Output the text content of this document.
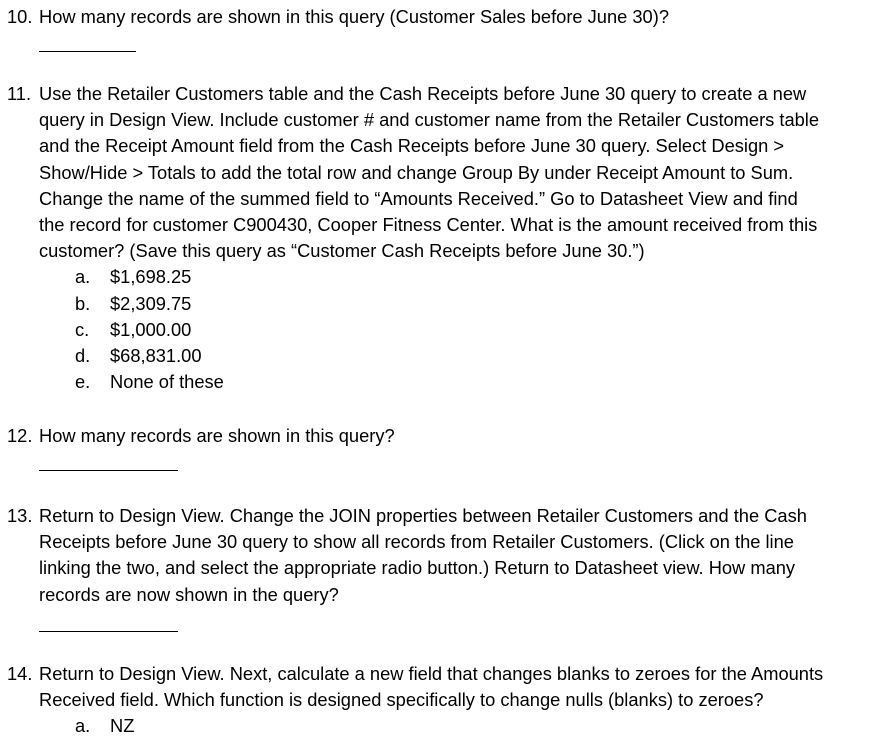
10. How many records are shown in this query (Customer Sales before June 30)?
11. Use the Retailer Customers table and the Cash Receipts before June 30 query to create a new
query in Design View. Include customer # and customer name from the Retailer Customers table
and the Receipt Amount field from the Cash Receipts before June 30 query. Select Design >
Show/Hide > Totals to add the total row and change Group By under Receipt Amount to Sum.
Change the name of the summed field to “Amounts Received.” Go to Datasheet View and find
the record for customer C900430, Cooper Fitness Center. What is the amount received from this
customer? (Save this query as “Customer Cash Receipts before June 30.”)
a.	$1,698.25
b.	$2,309.75
c.	$1,000.00
d.	$68,831.00
e.	None of these
12. How many records are shown in this query?
13. Return to Design View. Change the JOIN properties between Retailer Customers and the Cash
Receipts before June 30 query to show all records from Retailer Customers. (Click on the line
linking the two, and select the appropriate radio button.) Return to Datasheet view. How many
records are now shown in the query?
14. Return to Design View. Next, calculate a new field that changes blanks to zeroes for the Amounts
Received field. Which function is designed specifically to change nulls (blanks) to zeroes?
a.	NZ
